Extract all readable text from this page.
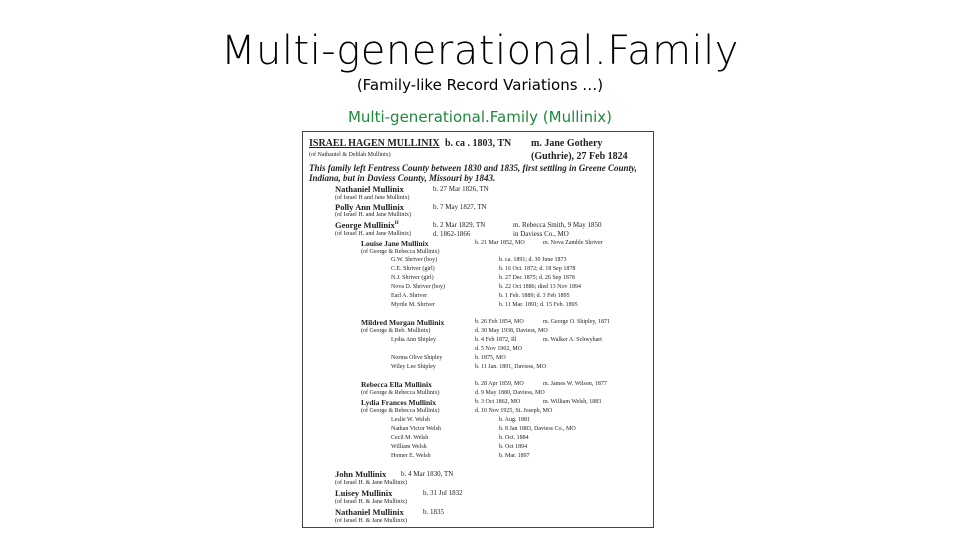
Multi-generational.Family
(Family-like Record Variations …)
Multi-generational.Family (Mullinix)
ISRAEL HAGEN MULLINIX b. ca . 1803, TN m. Jane Gothery
(of Nathaniel & Delilah Mullinix)	(Guthrie), 27 Feb 1824
This family left Fentress County between 1830 and 1835, first settling in Greene County,
Indiana, but in Daviess County, Missouri by 1843.
Nathaniel Mullinix	b. 27 Mar 1826, TN
(of Israel H and Jane Mullinix)
Polly Ann Mullinix	b. 7 May 1827, TN
(of Israel H. and Jane Mullinix)
George Mullinix$^H$	b. 2 Mar 1829, TN	m. Rebecca Smith, 9 May 1850
(of Israel H. and Jane Mullinix)	d. 1862-1866	in Daviess Co., MO
Louise Jane Mullinix	b. 21 Mar 1852, MO	m. Nova Zamble Shriver
(of George & Rebecca Mullinix)
G.W. Shriver (boy)	b. ca. 1891; d. 30 June 1873
C.E. Shriver (girl)	b. 16 Oct. 1872; d. 18 Sep 1878
N.J. Shriver (girl)	b. 27 Dec 1875; d. 26 Sep 1878
Nova D. Shriver (boy)	b. 22 Oct 1886; died 13 Nov 1894
Earl A. Shriver	b. 1 Feb. 1889; d. 3 Feb 1895
Myrtle M. Shriver	b. 11 Mar. 1891; d. 15 Feb. 1895
Mildred Morgan Mullinix	b. 26 Feb 1854, MO	m. George O. Shipley, 1871
(of George & Reb. Mullinix)	d. 30 May 1938, Daviess, MO
Lydia Ann Shipley	b. 4 Feb 1872, Ill	m. Walker A. Schwyhart
d. 5 Nov 1902, MO
Norma Olive Shipley	b. 1875, MO
Wiley Lee Shipley	b. 11 Jan. 1891, Daviess, MO
Rebecca Ella Mullinix	b. 28 Apr 1859, MO	m. James W. Wilson, 1877
(of George & Rebecca Mullinix)	d. 9 May 1880, Daviess, MO
Lydia Frances Mullinix	b. 3 Oct 1862, MO	m. William Welsh, 1883
(of George & Rebecca Mullinix)	d. 10 Nov 1925, St. Joseph, MO
Leslie W. Welsh	b. Aug. 1881
Nathan Victor Welsh	b. 8 Jan 1883, Daviess Co., MO
Cecil M. Welsh	b. Oct. 1884
William Welsh	b. Oct 1894
Homer E. Welsh	b. Mar. 1897
John Mullinix b. 4 Mar 1830, TN
(of Israel H. & Jane Mullinix)
Luisey Mullinix	b. 31 Jul 1832
(of Israel H. & Jane Mullinix)
Nathaniel Mullinix	b. 1835
(of Israel H. & Jane Mullinix)
